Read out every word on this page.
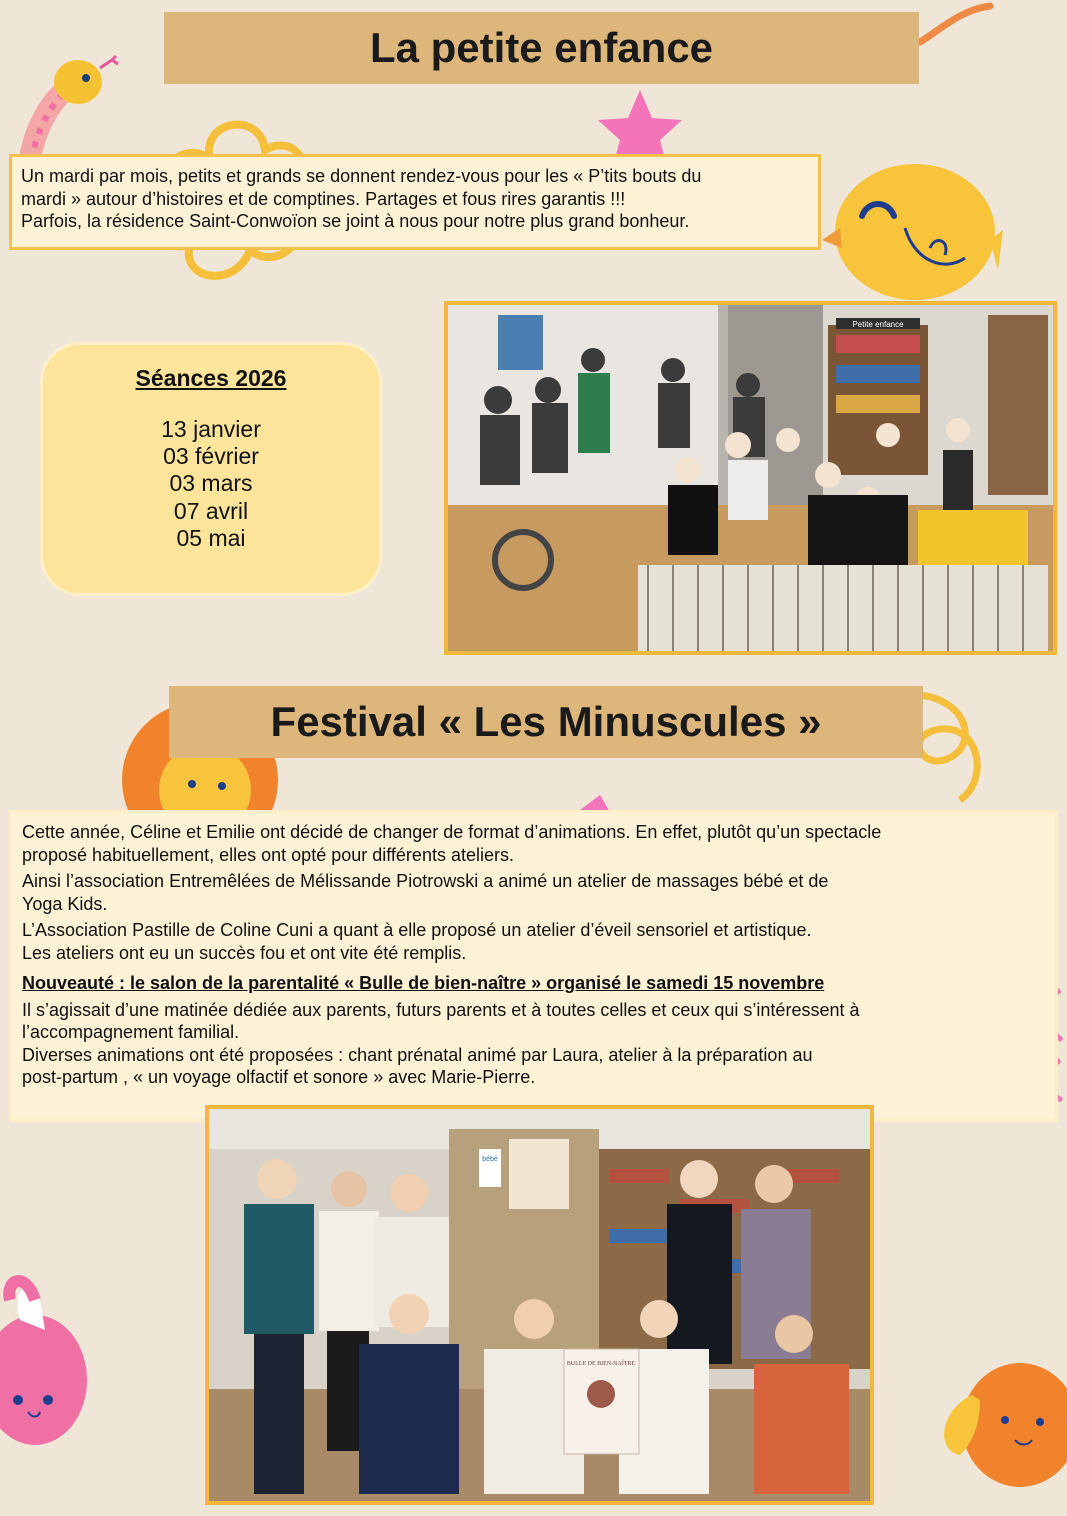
La petite enfance

Un mardi par mois, petits et grands se donnent rendez-vous pour les « P’tits bouts du

mardi » autour d’histoires et de comptines. Partages et fous rires garantis !!!

Parfois, la résidence Saint-Conwoïon se joint à nous pour notre plus grand bonheur.

Séances 2026
13 janvier
03 février
03 mars
07 avril
05 mai
Petite enfance
Festival « Les Minuscules »

Cette année, Céline et Emilie ont décidé de changer de format d’animations. En effet, plutôt qu’un spectacle

proposé habituellement, elles ont opté pour différents ateliers.

Ainsi l’association Entremêlées de Mélissande Piotrowski a animé un atelier de massages bébé et de

Yoga Kids.

L’Association Pastille de Coline Cuni a quant à elle proposé un atelier d’éveil sensoriel et artistique.

Les ateliers ont eu un succès fou et ont vite été remplis.

Nouveauté : le salon de la parentalité « Bulle de bien-naître » organisé le samedi 15 novembre

Il s’agissait d’une matinée dédiée aux parents, futurs parents et à toutes celles et ceux qui s’intéressent à

l’accompagnement familial.

Diverses animations ont été proposées : chant prénatal animé par Laura, atelier à la préparation au

post-partum , « un voyage olfactif et sonore » avec Marie-Pierre.

bébé
BULLE DE BIEN-NAÎTRE
